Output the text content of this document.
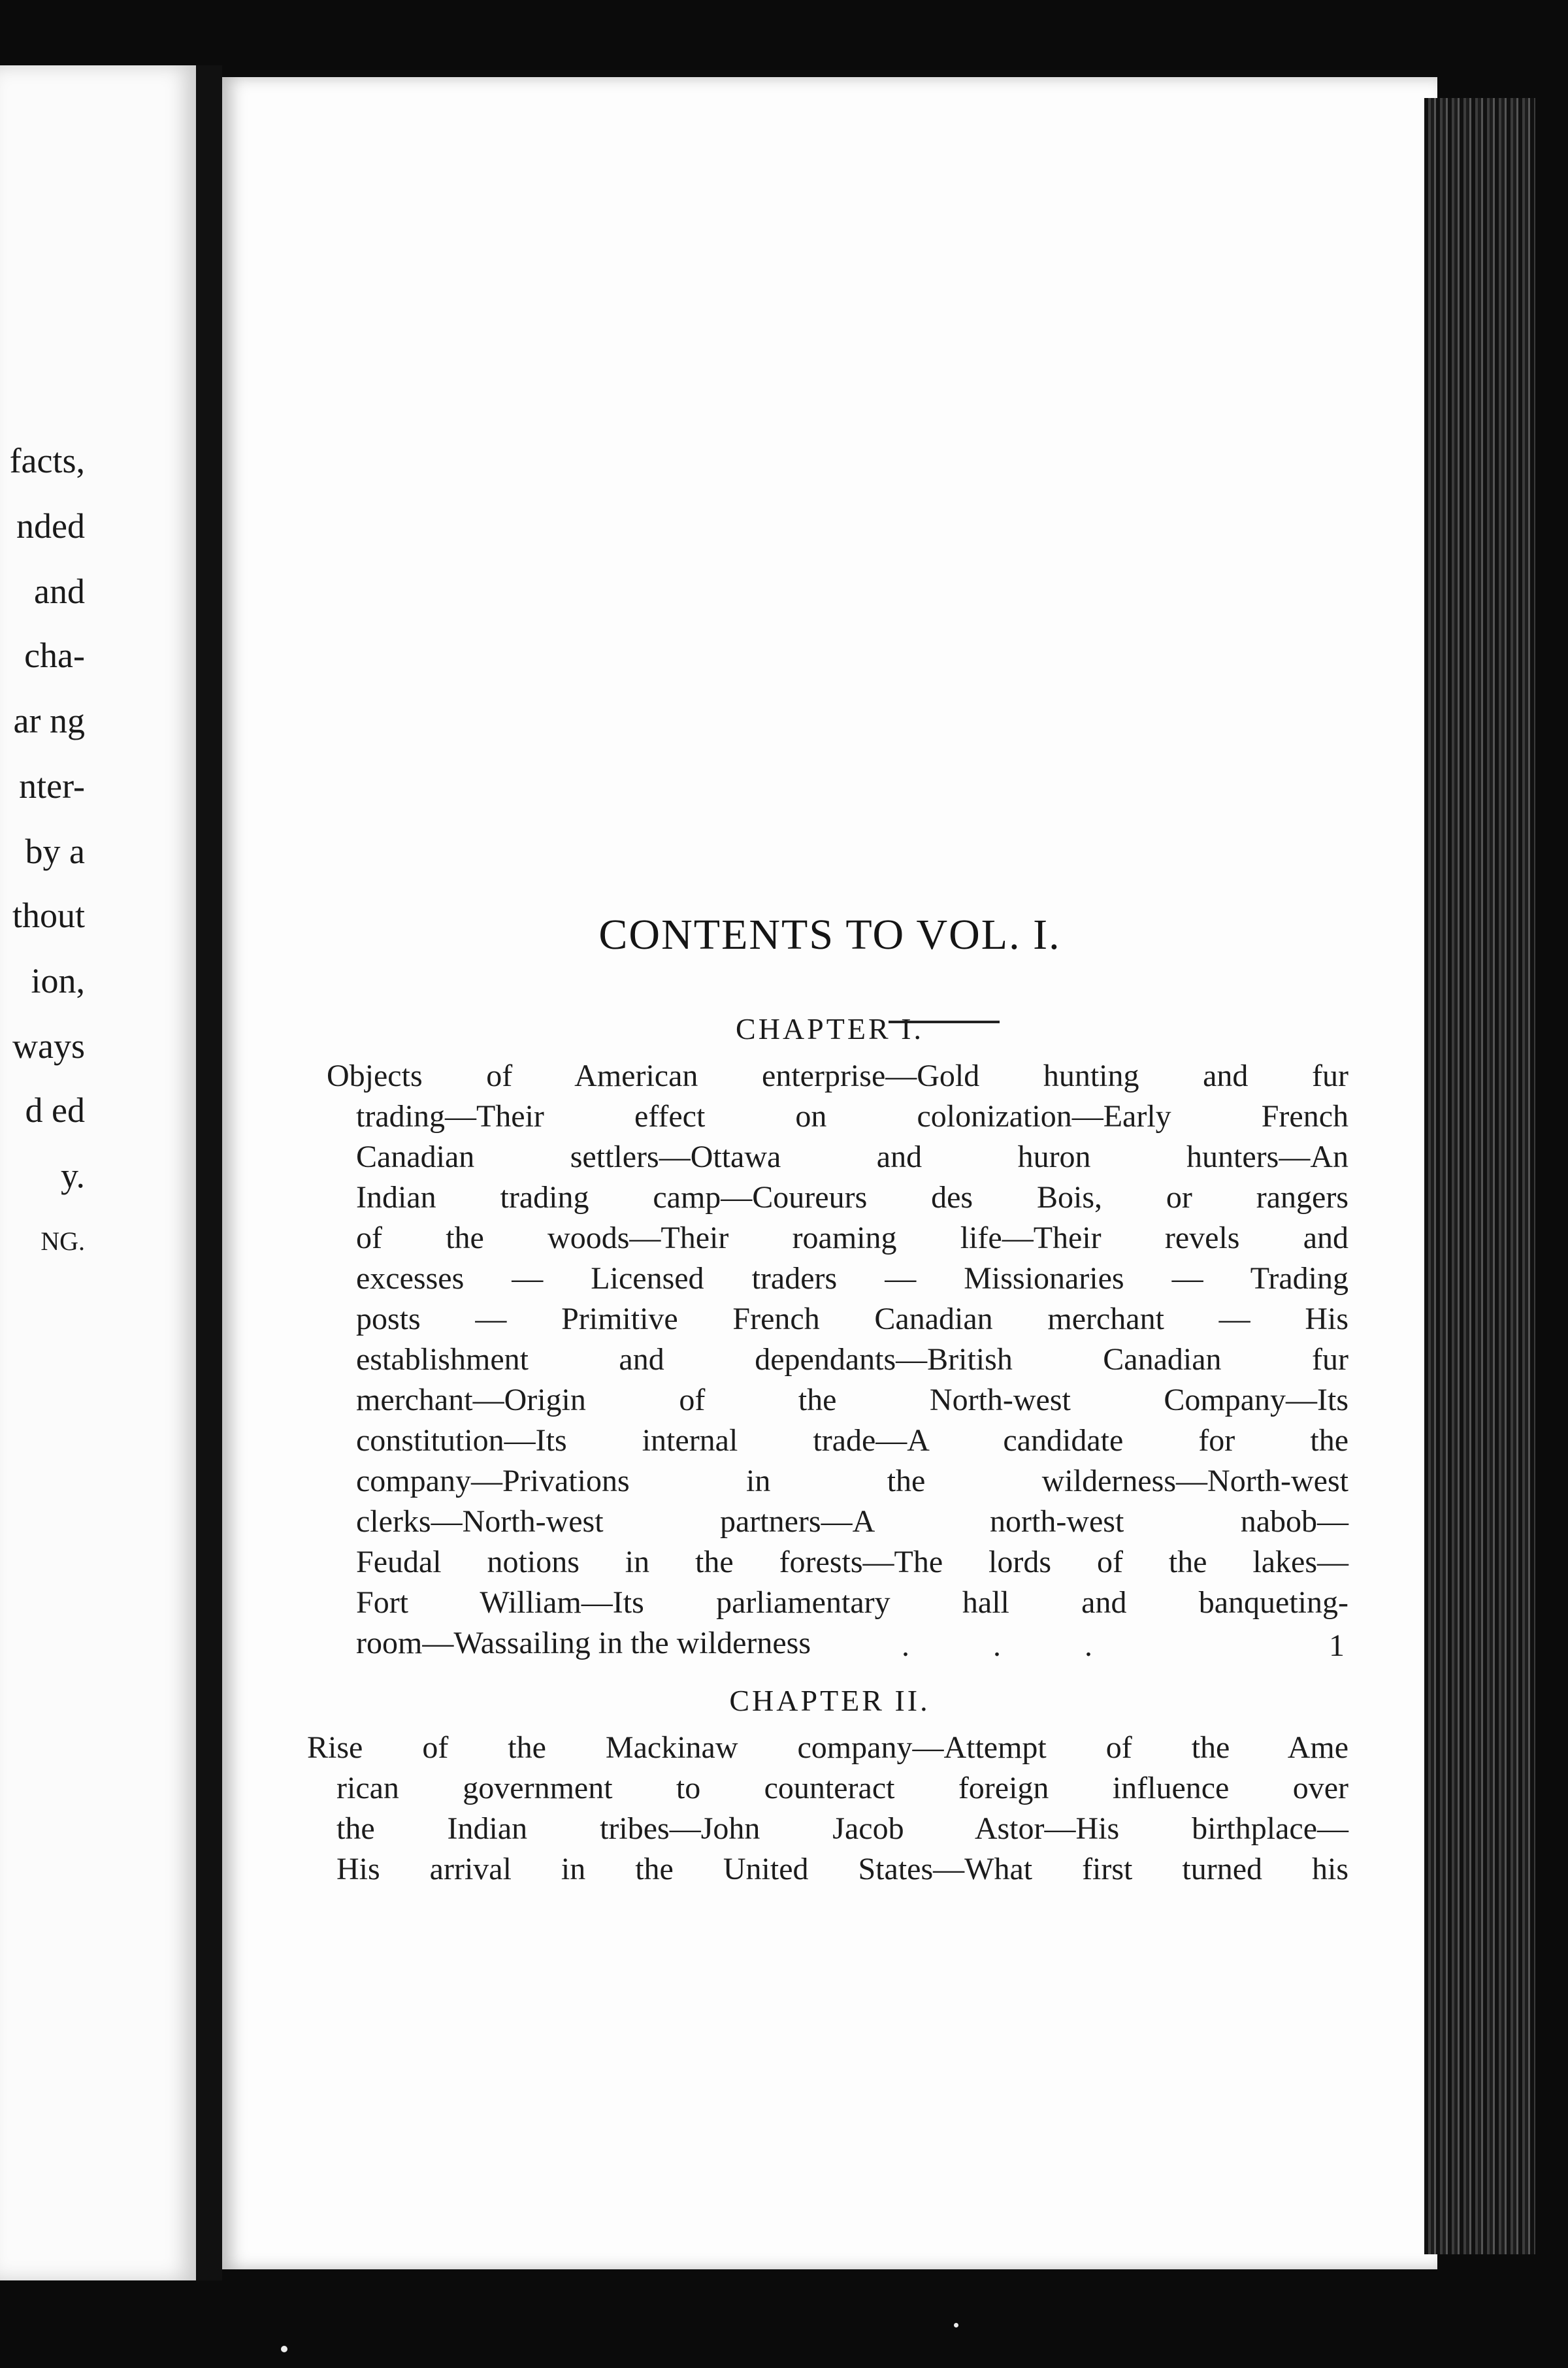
facts,
nded
and
cha-
ar ng
nter-
by a
thout
ion,
ways
d ed
y.
NG.
CONTENTS TO VOL. I.
CHAPTER I.
Objects of American enterprise—Gold hunting and fur
trading—Their effect on colonization—Early French
Canadian settlers—Ottawa and huron hunters—An
Indian trading camp—Coureurs des Bois, or rangers
of the woods—Their roaming life—Their revels and
excesses — Licensed traders — Missionaries — Trading
posts — Primitive French Canadian merchant — His
establishment and dependants—British Canadian fur
merchant—Origin of the North-west Company—Its
constitution—Its internal trade—A candidate for the
company—Privations in the wilderness—North-west
clerks—North-west partners—A north-west nabob—
Feudal notions in the forests—The lords of the lakes—
Fort William—Its parliamentary hall and banqueting-
room—Wassailing in the wilderness	. . .	1
CHAPTER II.
Rise of the Mackinaw company—Attempt of the Ame
rican government to counteract foreign influence over
the Indian tribes—John Jacob Astor—His birthplace—
His arrival in the United States—What first turned his
